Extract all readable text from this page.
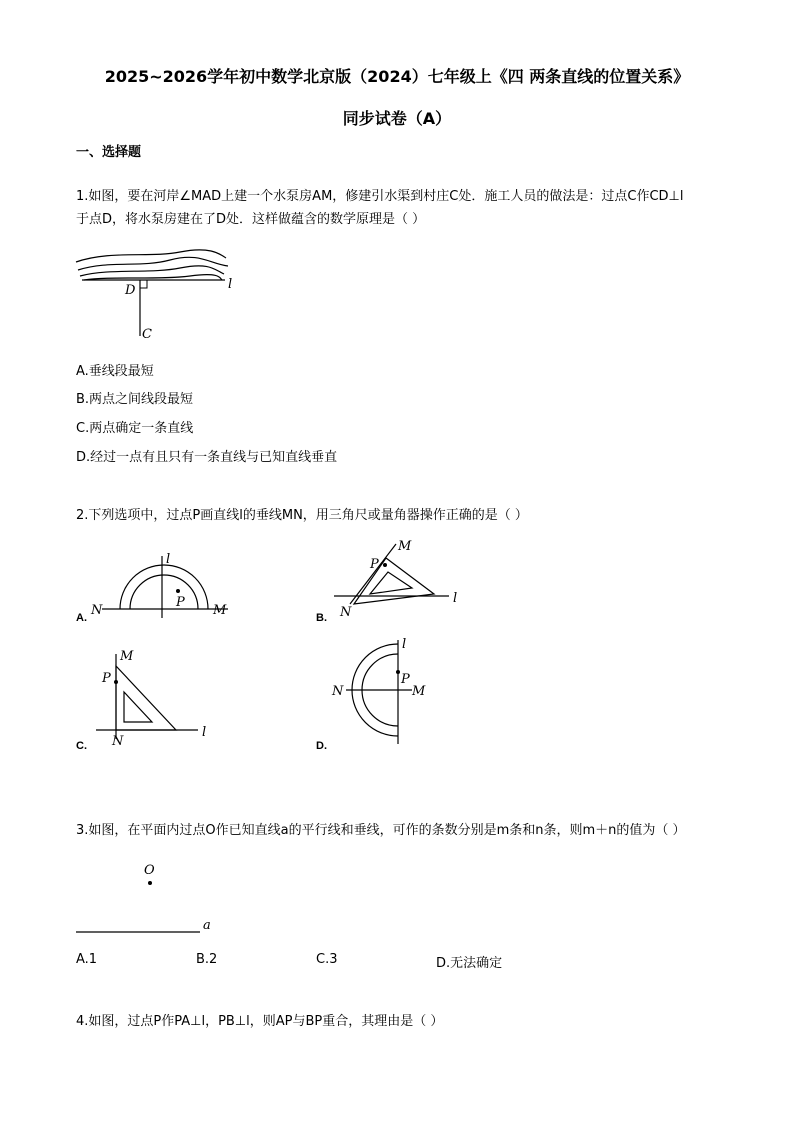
2025~2026学年初中数学北京版（2024）七年级上《四 两条直线的位置关系》
同步试卷（A）
一、选择题
1.如图，要在河岸∠MAD上建一个水泵房AM，修建引水渠到村庄C处．施工人员的做法是：过点C作CD⊥l
于点D，将水泵房建在了D处．这样做蕴含的数学原理是（ ）
D
C
l
A.垂线段最短
B.两点之间线段最短
C.两点确定一条直线
D.经过一点有且只有一条直线与已知直线垂直
2.下列选项中，过点P画直线l的垂线MN，用三角尺或量角器操作正确的是（ ）
A.
l
P
N	M	B.
P
M
N
l
C.
P
M
N
l
D.
l
P
N	M
3.如图，在平面内过点O作已知直线a的平行线和垂线，可作的条数分别是m条和n条，则m＋n的值为（ ）
O
a
A.1	B.2	C.3	D.无法确定
4.如图，过点P作PA⊥l，PB⊥l，则AP与BP重合，其理由是（ ）
